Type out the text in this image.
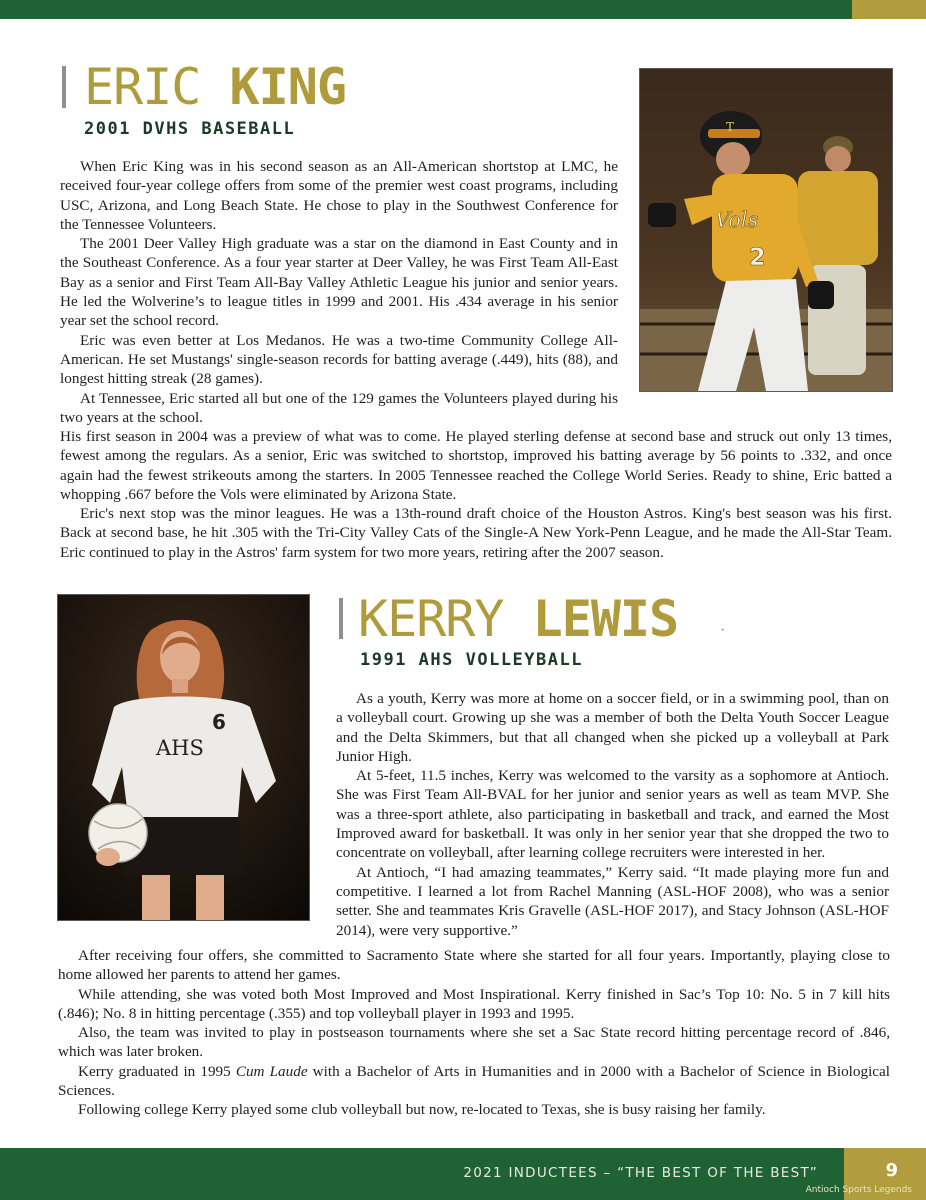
ERIC KING
2001 DVHS BASEBALL	T
Vols
2

When Eric King was in his second season as an All-American shortstop at LMC, he received four-year college offers from some of the premier west coast programs, including USC, Arizona, and Long Beach State. He chose to play in the Southwest Conference for the Tennessee Volunteers.

The 2001 Deer Valley High graduate was a star on the diamond in East County and in the Southeast Conference. As a four year starter at Deer Valley, he was First Team All-East Bay as a senior and First Team All-Bay Valley Athletic League his junior and senior years. He led the Wolverine’s to league titles in 1999 and 2001. His .434 average in his senior year set the school record.

Eric was even better at Los Medanos. He was a two-time Community College All-American. He set Mustangs' single-season records for batting average (.449), hits (88), and longest hitting streak (28 games).

At Tennessee, Eric started all but one of the 129 games the Volunteers played during his two years at the school.

His first season in 2004 was a preview of what was to come. He played sterling defense at second base and struck out only 13 times, fewest among the regulars. As a senior, Eric was switched to shortstop, improved his batting average by 56 points to .332, and once again had the fewest strikeouts among the starters. In 2005 Tennessee reached the College World Series. Ready to shine, Eric batted a whopping .667 before the Vols were eliminated by Arizona State.

Eric's next stop was the minor leagues. He was a 13th-round draft choice of the Houston Astros. King's best season was his first. Back at second base, he hit .305 with the Tri-City Valley Cats of the Single-A New York-Penn League, and he made the All-Star Team. Eric continued to play in the Astros' farm system for two more years, retiring after the 2007 season.

AHS
6
KERRY LEWIS	·
1991 AHS VOLLEYBALL

As a youth, Kerry was more at home on a soccer field, or in a swimming pool, than on a volleyball court. Growing up she was a member of both the Delta Youth Soccer League and the Delta Skimmers, but that all changed when she picked up a volleyball at Park Junior High.

At 5-feet, 11.5 inches, Kerry was welcomed to the varsity as a sophomore at Antioch. She was First Team All-BVAL for her junior and senior years as well as team MVP. She was a three-sport athlete, also participating in basketball and track, and earned the Most Improved award for basketball. It was only in her senior year that she dropped the two to concentrate on volleyball, after learning college recruiters were interested in her.

At Antioch, “I had amazing teammates,” Kerry said. “It made playing more fun and competitive. I learned a lot from Rachel Manning (ASL-HOF 2008), who was a senior setter. She and teammates Kris Gravelle (ASL-HOF 2017), and Stacy Johnson (ASL-HOF 2014), were very supportive.”

After receiving four offers, she committed to Sacramento State where she started for all four years. Importantly, playing close to home allowed her parents to attend her games.

While attending, she was voted both Most Improved and Most Inspirational. Kerry finished in Sac’s Top 10: No. 5 in 7 kill hits (.846); No. 8 in hitting percentage (.355) and top volleyball player in 1993 and 1995.

Also, the team was invited to play in postseason tournaments where she set a Sac State record hitting percentage record of .846, which was later broken.

Kerry graduated in 1995 Cum Laude with a Bachelor of Arts in Humanities and in 2000 with a Bachelor of Science in Biological Sciences.

Following college Kerry played some club volleyball but now, re-located to Texas, she is busy raising her family.

2021 INDUCTEES – “THE BEST OF THE BEST”	9
Antioch Sports Legends
